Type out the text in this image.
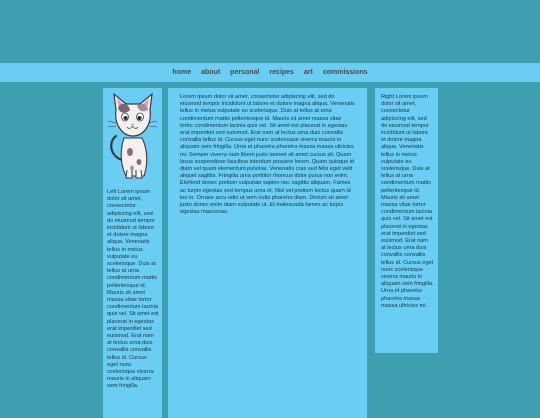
home about personal recipes art commissions

Left Lorem ipsum dolor sit amet, consectetur adipiscing elit, sed do eiusmod tempor incididunt ut labore et dolore magna aliqua. Venenatis tellus in metus vulputate eu scelerisque. Duis at tellus at urna condimentum mattis pellentesque id. Mauris sit amet massa vitae tortor condimentum lacinia quis vel. Sit amet est placerat in egestas erat imperdiet sed euismod. Erat nam at lectus urna duis convallis convallis tellus id. Cursus eget nunc scelerisque viverra mauris in aliquam sem fringilla.

Lorem ipsum dolor sit amet, consectetur adipiscing elit, sed do eiusmod tempor incididunt ut labore et dolore magna aliqua. Venenatis tellus in metus vulputate eu scelerisque. Duis at tellus at urna condimentum mattis pellentesque id. Mauris sit amet massa vitae tortor condimentum lacinia quis vel. Sit amet est placerat in egestas erat imperdiet sed euismod. Erat nam at lectus urna duis convallis convallis tellus id. Cursus eget nunc scelerisque viverra mauris in aliquam sem fringilla. Urna et pharetra pharetra massa massa ultricies mi. Semper viverra nam libero justo laoreet sit amet cursus sit. Quam lacus suspendisse faucibus interdum posuere lorem. Quam quisque id diam vel quam elementum pulvinar. Venenatis cras sed felis eget velit aliquet sagittis. Fringilla urna porttitor rhoncus dolor purus non enim. Eleifend donec pretium vulputate sapien nec sagittis aliquam. Fames ac turpis egestas sed tempus urna et. Nisl vel pretium lectus quam id leo in. Ornare arcu odio ut sem nulla pharetra diam. Dictum sit amet justo donec enim diam vulputate ut. Et malesuada fames ac turpis egestas maecenas.

Right Lorem ipsum dolor sit amet, consectetur adipiscing elit, sed do eiusmod tempor incididunt ut labore et dolore magna aliqua. Venenatis tellus in metus vulputate eu scelerisque. Duis at tellus at urna condimentum mattis pellentesque id. Mauris sit amet massa vitae tortor condimentum lacinia quis vel. Sit amet est placerat in egestas erat imperdiet sed euismod. Erat nam at lectus urna duis convallis convallis tellus id. Cursus eget nunc scelerisque viverra mauris in aliquam sem fringilla. Urna et pharetra pharetra massa massa ultricies mi.
